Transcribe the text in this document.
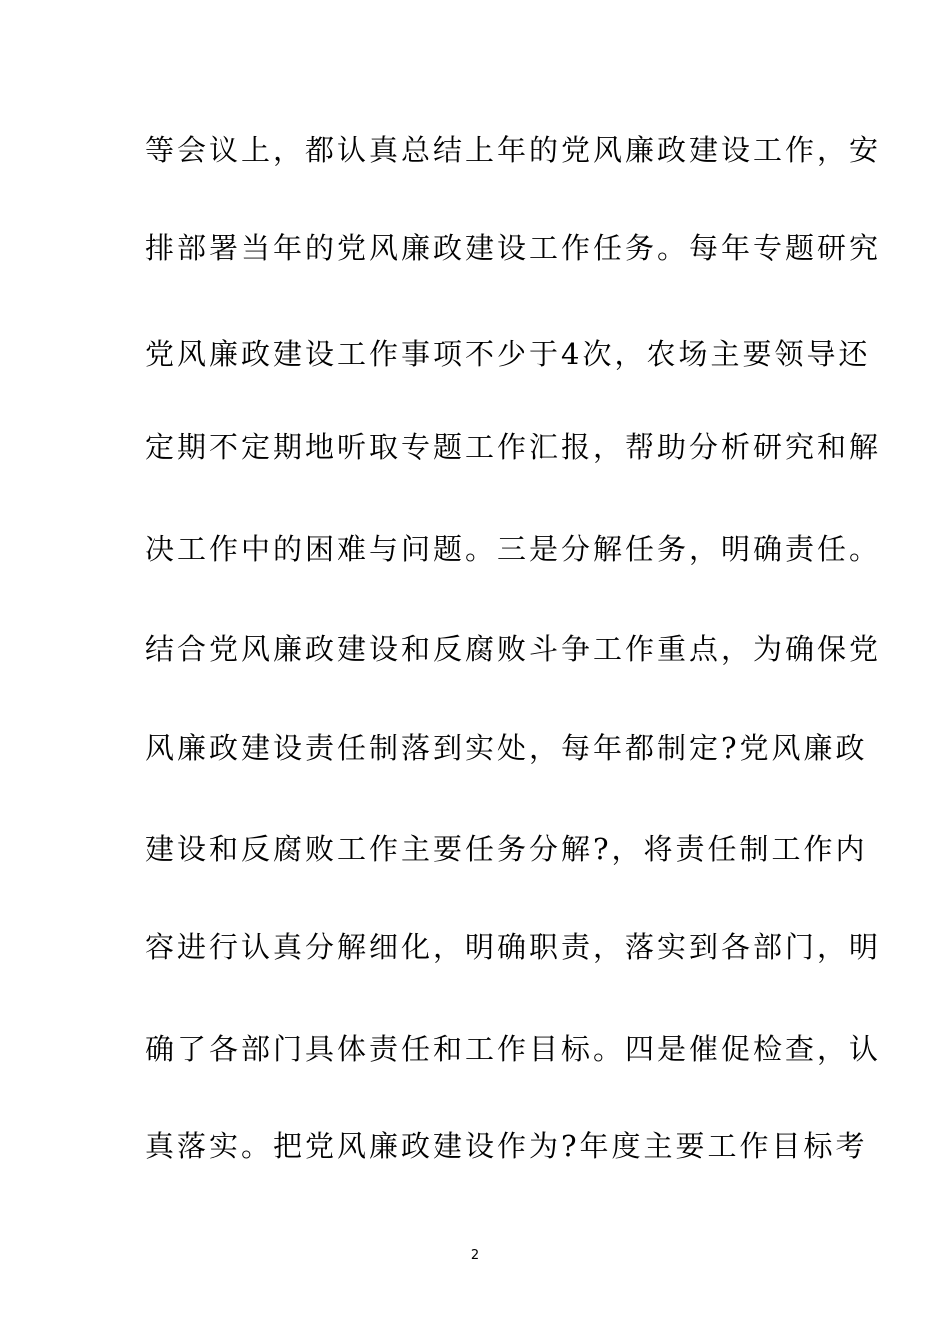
等会议上，都认真总结上年的党风廉政建设工作，安
排部署当年的党风廉政建设工作任务。每年专题研究
党风廉政建设工作事项不少于4次，农场主要领导还
定期不定期地听取专题工作汇报，帮助分析研究和解
决工作中的困难与问题。三是分解任务，明确责任。
结合党风廉政建设和反腐败斗争工作重点，为确保党
风廉政建设责任制落到实处，每年都制定?党风廉政
建设和反腐败工作主要任务分解?，将责任制工作内
容进行认真分解细化，明确职责，落实到各部门，明
确了各部门具体责任和工作目标。四是催促检查，认
真落实。把党风廉政建设作为?年度主要工作目标考
2
